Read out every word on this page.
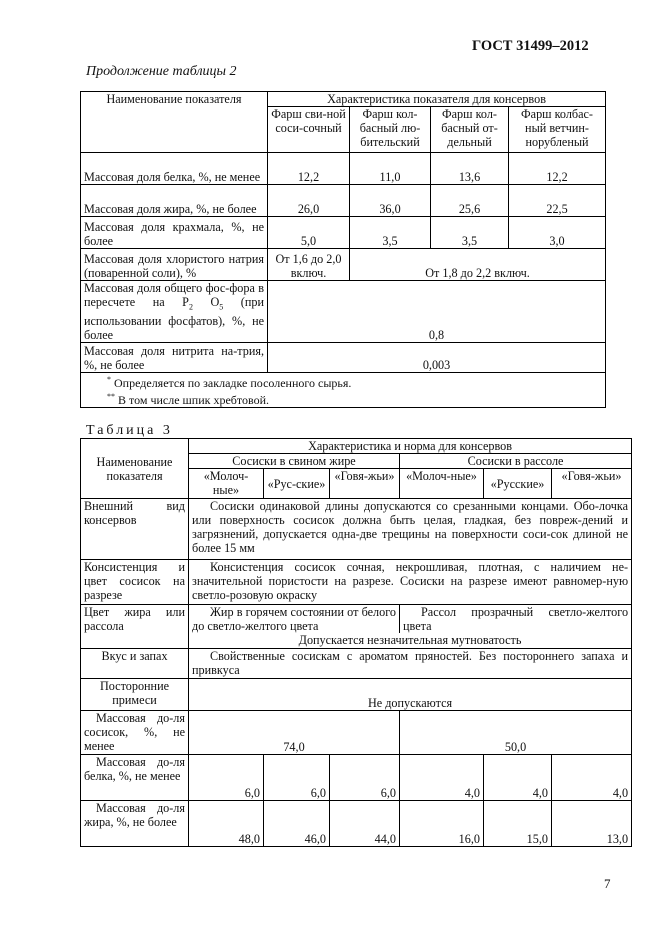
ГОСТ 31499–2012
Продолжение таблицы 2
Наименование показателя	Характеристика показателя для консервов			
	Фарш сви-ной соси-сочный	Фарш кол-басный лю-бительский	Фарш кол-басный от-дельный	Фарш колбас-ный ветчин-норубленый
Массовая доля белка, %, не менее	12,2	11,0	13,6	12,2
Массовая доля жира, %, не более	26,0	36,0	25,6	22,5
Массовая доля крахмала, %, не более	5,0	3,5	3,5	3,0
Массовая доля хлористого натрия (поваренной соли), %	От 1,6 до 2,0 включ.	От 1,8 до 2,2 включ.		
Массовая доля общего фос-фора в пересчете на $P_2$ $O_5$ (при использовании фосфатов), %, не более	0,8			
Массовая доля нитрита на-трия, %, не более	0,003			

* Определяется по закладке посоленного сырья.
** В том числе шпик хребтовой.				
Таблица 3
Наименование показателя	Характеристика и норма для консервов					
	Сосиски в свином жире			Сосиски в рассоле		
	«Молоч-ные»	«Рус-ские»	«Говя-жьи»	«Молоч-ные»	«Русские»	«Говя-жьи»
Внешний вид консервов	Сосиски одинаковой длины допускаются со срезанными концами. Обо-лочка или поверхность сосисок должна быть целая, гладкая, без повреж-дений и загрязнений, допускается одна-две трещины на поверхности соси-сок длиной не более 15 мм					
Консистенция и цвет сосисок на разрезе	Консистенция сосисок сочная, некрошливая, плотная, с наличием не-значительной пористости на разрезе. Сосиски на разрезе имеют равномер-ную светло-розовую окраску					
Цвет жира или рассола	Жир в горячем состоянии от белого до светло-желтого цвета			Рассол прозрачный светло-желтого цвета		
	Допускается незначительная мутноватость					
Вкус и запах	Свойственные сосискам с ароматом пряностей. Без постороннего запаха и привкуса					
Посторонние примеси	Не допускаются					
Массовая до-ля сосисок, %, не менее	74,0			50,0		
Массовая до-ля белка, %, не менее	6,0	6,0	6,0	4,0	4,0	4,0
Массовая до-ля жира, %, не более	48,0	46,0	44,0	16,0	15,0	13,0
7
